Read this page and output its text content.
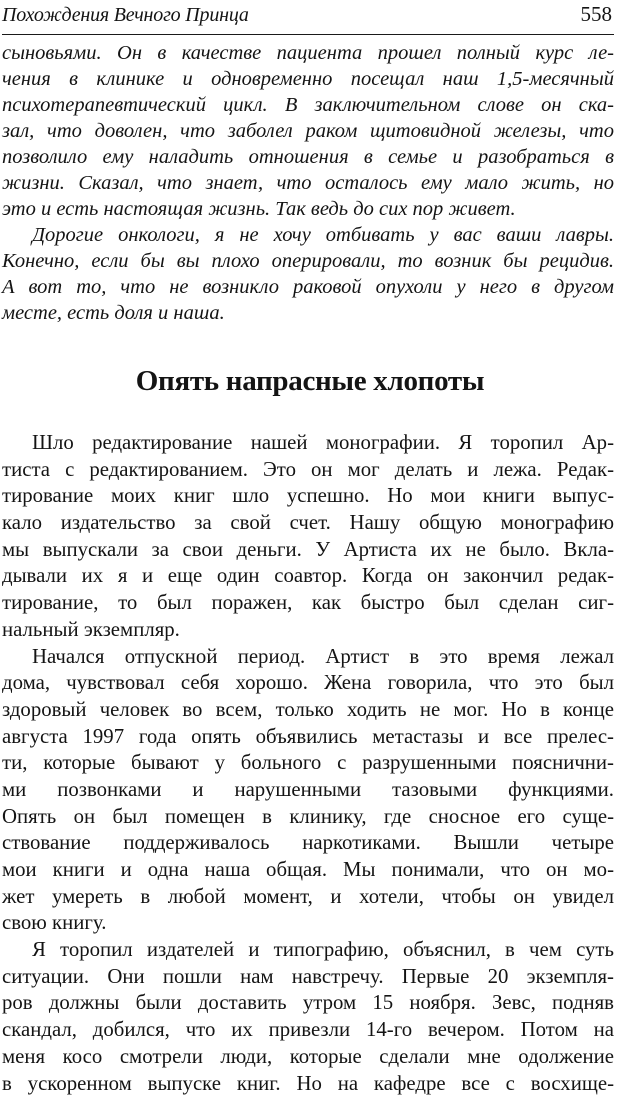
Похождения Вечного Принца	558
сыновьями. Он в качестве пациента прошел полный курс ле-
чения в клинике и одновременно посещал наш 1,5-месячный
психотерапевтический цикл. В заключительном слове он ска-
зал, что доволен, что заболел раком щитовидной железы, что
позволило ему наладить отношения в семье и разобраться в
жизни. Сказал, что знает, что осталось ему мало жить, но
это и есть настоящая жизнь. Так ведь до сих пор живет.
Дорогие онкологи, я не хочу отбивать у вас ваши лавры.
Конечно, если бы вы плохо оперировали, то возник бы рецидив.
А вот то, что не возникло раковой опухоли у него в другом
месте, есть доля и наша.
Опять напрасные хлопоты
Шло редактирование нашей монографии. Я торопил Ар-
тиста с редактированием. Это он мог делать и лежа. Редак-
тирование моих книг шло успешно. Но мои книги выпус-
кало издательство за свой счет. Нашу общую монографию
мы выпускали за свои деньги. У Артиста их не было. Вкла-
дывали их я и еще один соавтор. Когда он закончил редак-
тирование, то был поражен, как быстро был сделан сиг-
нальный экземпляр.
Начался отпускной период. Артист в это время лежал
дома, чувствовал себя хорошо. Жена говорила, что это был
здоровый человек во всем, только ходить не мог. Но в конце
августа 1997 года опять объявились метастазы и все прелес-
ти, которые бывают у больного с разрушенными пояснични-
ми позвонками и нарушенными тазовыми функциями.
Опять он был помещен в клинику, где сносное его суще-
ствование поддерживалось наркотиками. Вышли четыре
мои книги и одна наша общая. Мы понимали, что он мо-
жет умереть в любой момент, и хотели, чтобы он увидел
свою книгу.
Я торопил издателей и типографию, объяснил, в чем суть
ситуации. Они пошли нам навстречу. Первые 20 экземпля-
ров должны были доставить утром 15 ноября. Зевс, подняв
скандал, добился, что их привезли 14-го вечером. Потом на
меня косо смотрели люди, которые сделали мне одолжение
в ускоренном выпуске книг. Но на кафедре все с восхище-
